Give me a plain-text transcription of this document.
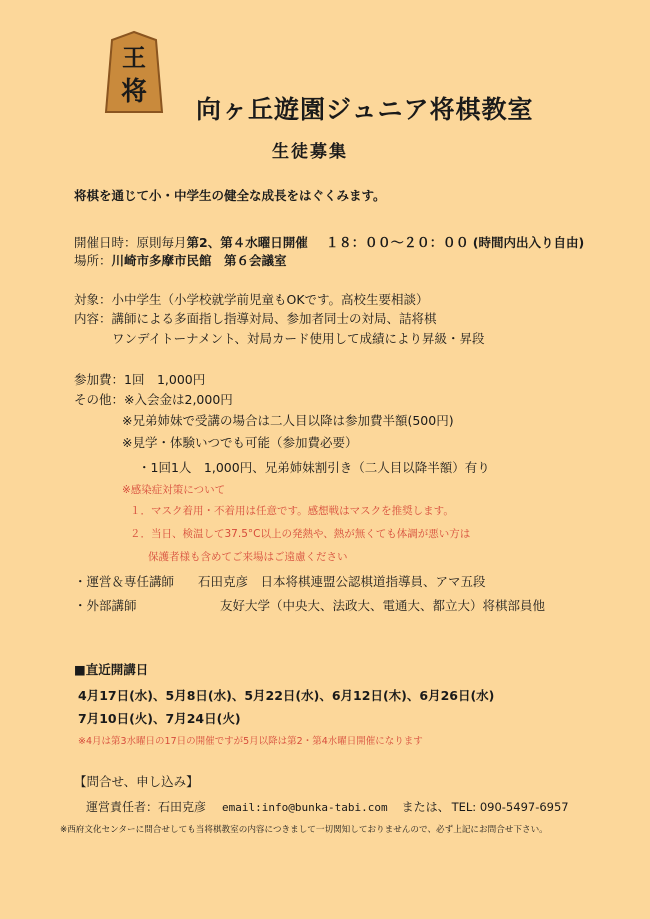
王
将
向ヶ丘遊園ジュニア将棋教室
生徒募集
将棋を通じて小・中学生の健全な成長をはぐくみます。
開催日時：原則毎月第2、第４水曜日開催 １８：００～２０：００ (時間内出入り自由)
場所：川崎市多摩市民館　第６会議室
対象：小中学生（小学校就学前児童もOKです。高校生要相談）
内容：講師による多面指し指導対局、参加者同士の対局、詰将棋
ワンデイトーナメント、対局カード使用して成績により昇級・昇段
参加費：1回　1,000円
その他：※入会金は2,000円
※兄弟姉妹で受講の場合は二人目以降は参加費半額(500円)
※見学・体験いつでも可能（参加費必要）
・1回1人　1,000円、兄弟姉妹割引き（二人目以降半額）有り
※感染症対策について
１．マスク着用・不着用は任意です。感想戦はマスクを推奨します。
２．当日、検温して37.5°C以上の発熱や、熱が無くても体調が悪い方は
保護者様も含めてご来場はご遠慮ください
・運営＆専任講師 石田克彦　日本将棋連盟公認棋道指導員、アマ五段
・外部講師	友好大学（中央大、法政大、電通大、都立大）将棋部員他
■直近開講日
4月17日(水)、5月8日(水)、5月22日(水)、6月12日(木)、6月26日(水)
7月10日(火)、7月24日(火)
※4月は第3水曜日の17日の開催ですが5月以降は第2・第4水曜日開催になります
【問合せ、申し込み】
運営責任者：石田克彦 email:info@bunka-tabi.com または、 TEL: 090-5497-6957
※西府文化センターに問合せしても当将棋教室の内容につきまして一切関知しておりませんので、必ず上記にお問合せ下さい。
